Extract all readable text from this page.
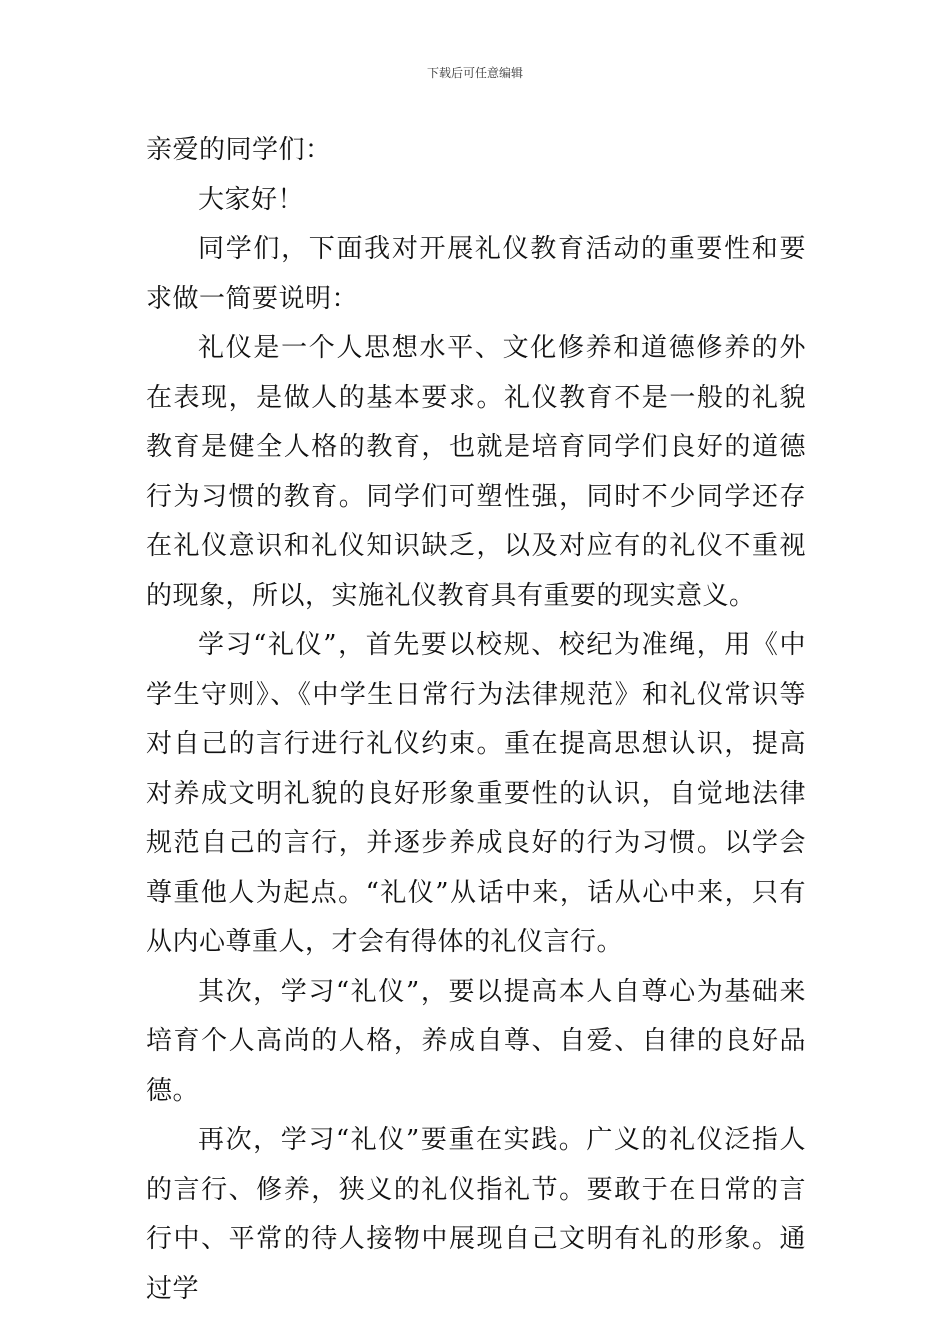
下载后可任意编辑

亲爱的同学们：

大家好！

同学们，下面我对开展礼仪教育活动的重要性和要求做一简要说明：

礼仪是一个人思想水平、文化修养和道德修养的外在表现，是做人的基本要求。礼仪教育不是一般的礼貌教育是健全人格的教育，也就是培育同学们良好的道德行为习惯的教育。同学们可塑性强，同时不少同学还存在礼仪意识和礼仪知识缺乏，以及对应有的礼仪不重视的现象，所以，实施礼仪教育具有重要的现实意义。

学习“礼仪”，首先要以校规、校纪为准绳，用《中学生守则》、《中学生日常行为法律规范》和礼仪常识等对自己的言行进行礼仪约束。重在提高思想认识，提高对养成文明礼貌的良好形象重要性的认识，自觉地法律规范自己的言行，并逐步养成良好的行为习惯。以学会尊重他人为起点。“礼仪”从话中来，话从心中来，只有从内心尊重人，才会有得体的礼仪言行。

其次，学习“礼仪”，要以提高本人自尊心为基础来培育个人高尚的人格，养成自尊、自爱、自律的良好品德。

再次，学习“礼仪”要重在实践。广义的礼仪泛指人的言行、修养，狭义的礼仪指礼节。要敢于在日常的言行中、平常的待人接物中展现自己文明有礼的形象。通过学
